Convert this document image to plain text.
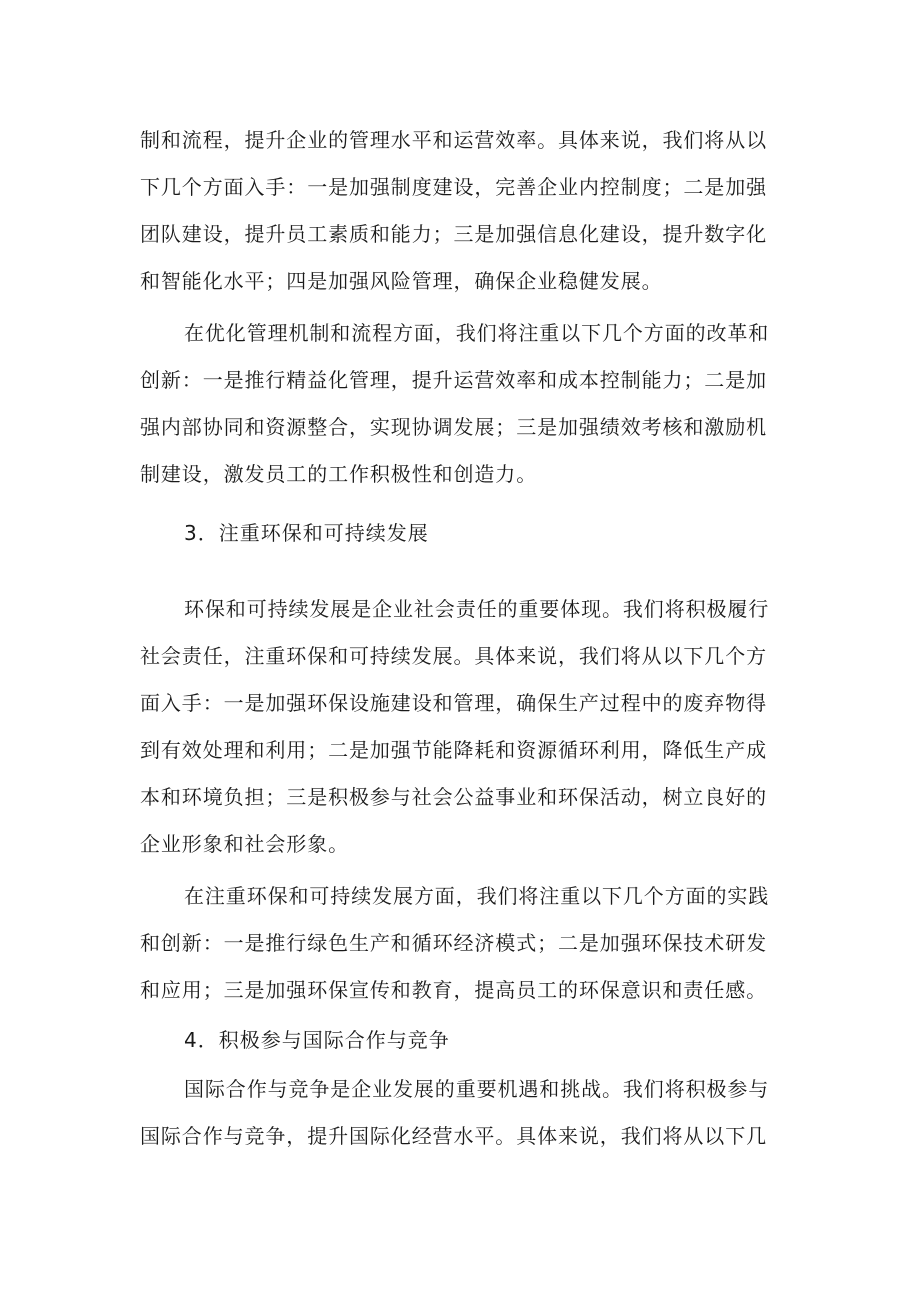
制和流程，提升企业的管理水平和运营效率。具体来说，我们将从以
下几个方面入手：一是加强制度建设，完善企业内控制度；二是加强
团队建设，提升员工素质和能力；三是加强信息化建设，提升数字化
和智能化水平；四是加强风险管理，确保企业稳健发展。
在优化管理机制和流程方面，我们将注重以下几个方面的改革和
创新：一是推行精益化管理，提升运营效率和成本控制能力；二是加
强内部协同和资源整合，实现协调发展；三是加强绩效考核和激励机
制建设，激发员工的工作积极性和创造力。
3．注重环保和可持续发展
环保和可持续发展是企业社会责任的重要体现。我们将积极履行
社会责任，注重环保和可持续发展。具体来说，我们将从以下几个方
面入手：一是加强环保设施建设和管理，确保生产过程中的废弃物得
到有效处理和利用；二是加强节能降耗和资源循环利用，降低生产成
本和环境负担；三是积极参与社会公益事业和环保活动，树立良好的
企业形象和社会形象。
在注重环保和可持续发展方面，我们将注重以下几个方面的实践
和创新：一是推行绿色生产和循环经济模式；二是加强环保技术研发
和应用；三是加强环保宣传和教育，提高员工的环保意识和责任感。
4．积极参与国际合作与竞争
国际合作与竞争是企业发展的重要机遇和挑战。我们将积极参与
国际合作与竞争，提升国际化经营水平。具体来说，我们将从以下几
